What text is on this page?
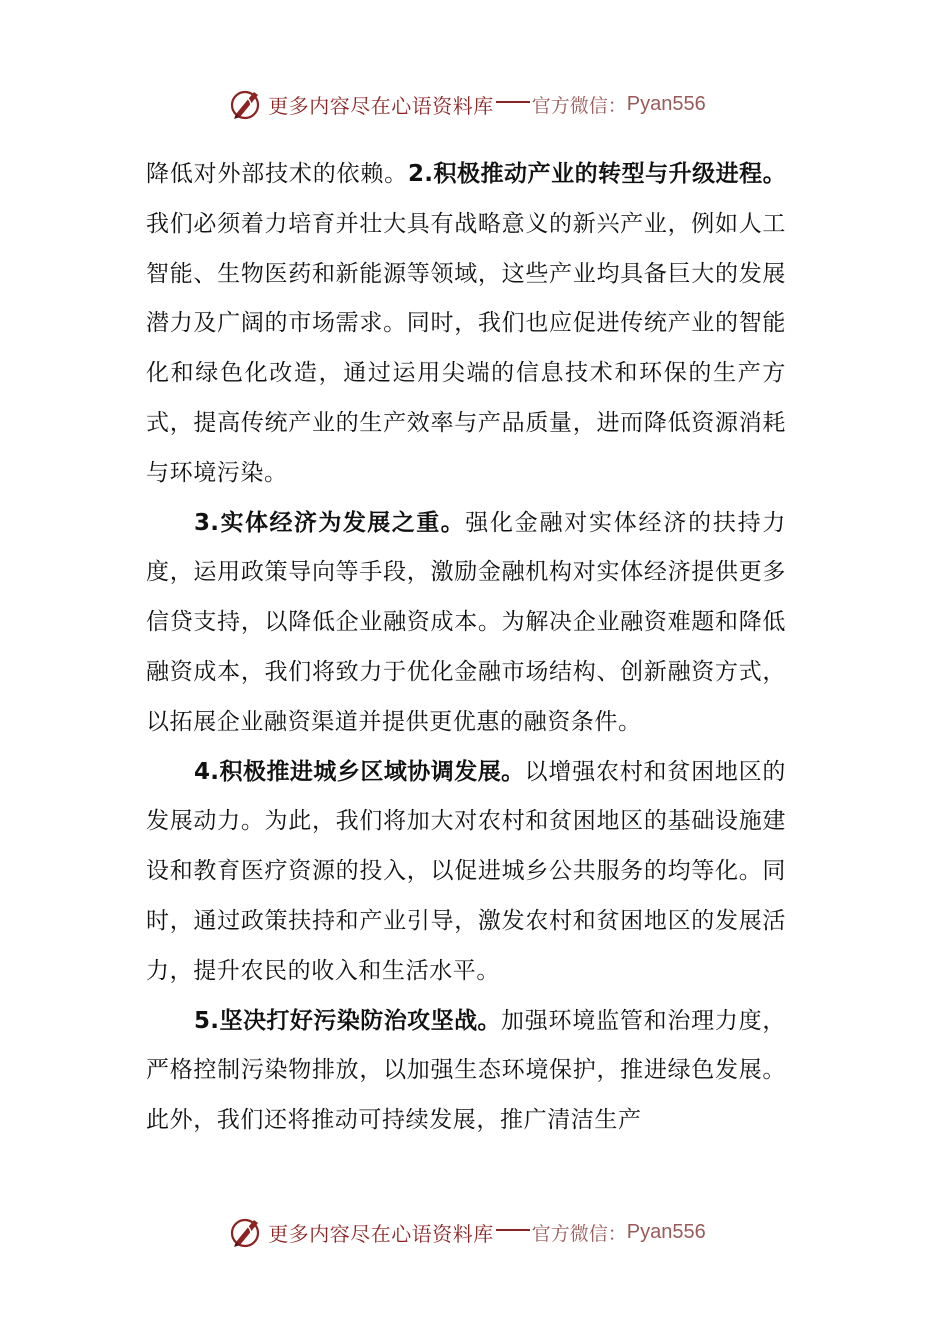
更多内容尽在心语资料库 官方微信： Pyan556

降低对外部技术的依赖。2.积极推动产业的转型与升级进程。我们必须着力培育并壮大具有战略意义的新兴产业，例如人工智能、生物医药和新能源等领域，这些产业均具备巨大的发展潜力及广阔的市场需求。同时，我们也应促进传统产业的智能化和绿色化改造，通过运用尖端的信息技术和环保的生产方式，提高传统产业的生产效率与产品质量，进而降低资源消耗与环境污染。

3.实体经济为发展之重。强化金融对实体经济的扶持力度，运用政策导向等手段，激励金融机构对实体经济提供更多信贷支持，以降低企业融资成本。为解决企业融资难题和降低融资成本，我们将致力于优化金融市场结构、创新融资方式，以拓展企业融资渠道并提供更优惠的融资条件。

4.积极推进城乡区域协调发展。以增强农村和贫困地区的发展动力。为此，我们将加大对农村和贫困地区的基础设施建设和教育医疗资源的投入，以促进城乡公共服务的均等化。同时，通过政策扶持和产业引导，激发农村和贫困地区的发展活力，提升农民的收入和生活水平。

5.坚决打好污染防治攻坚战。加强环境监管和治理力度，严格控制污染物排放，以加强生态环境保护，推进绿色发展。此外，我们还将推动可持续发展，推广清洁生产

更多内容尽在心语资料库 官方微信： Pyan556
